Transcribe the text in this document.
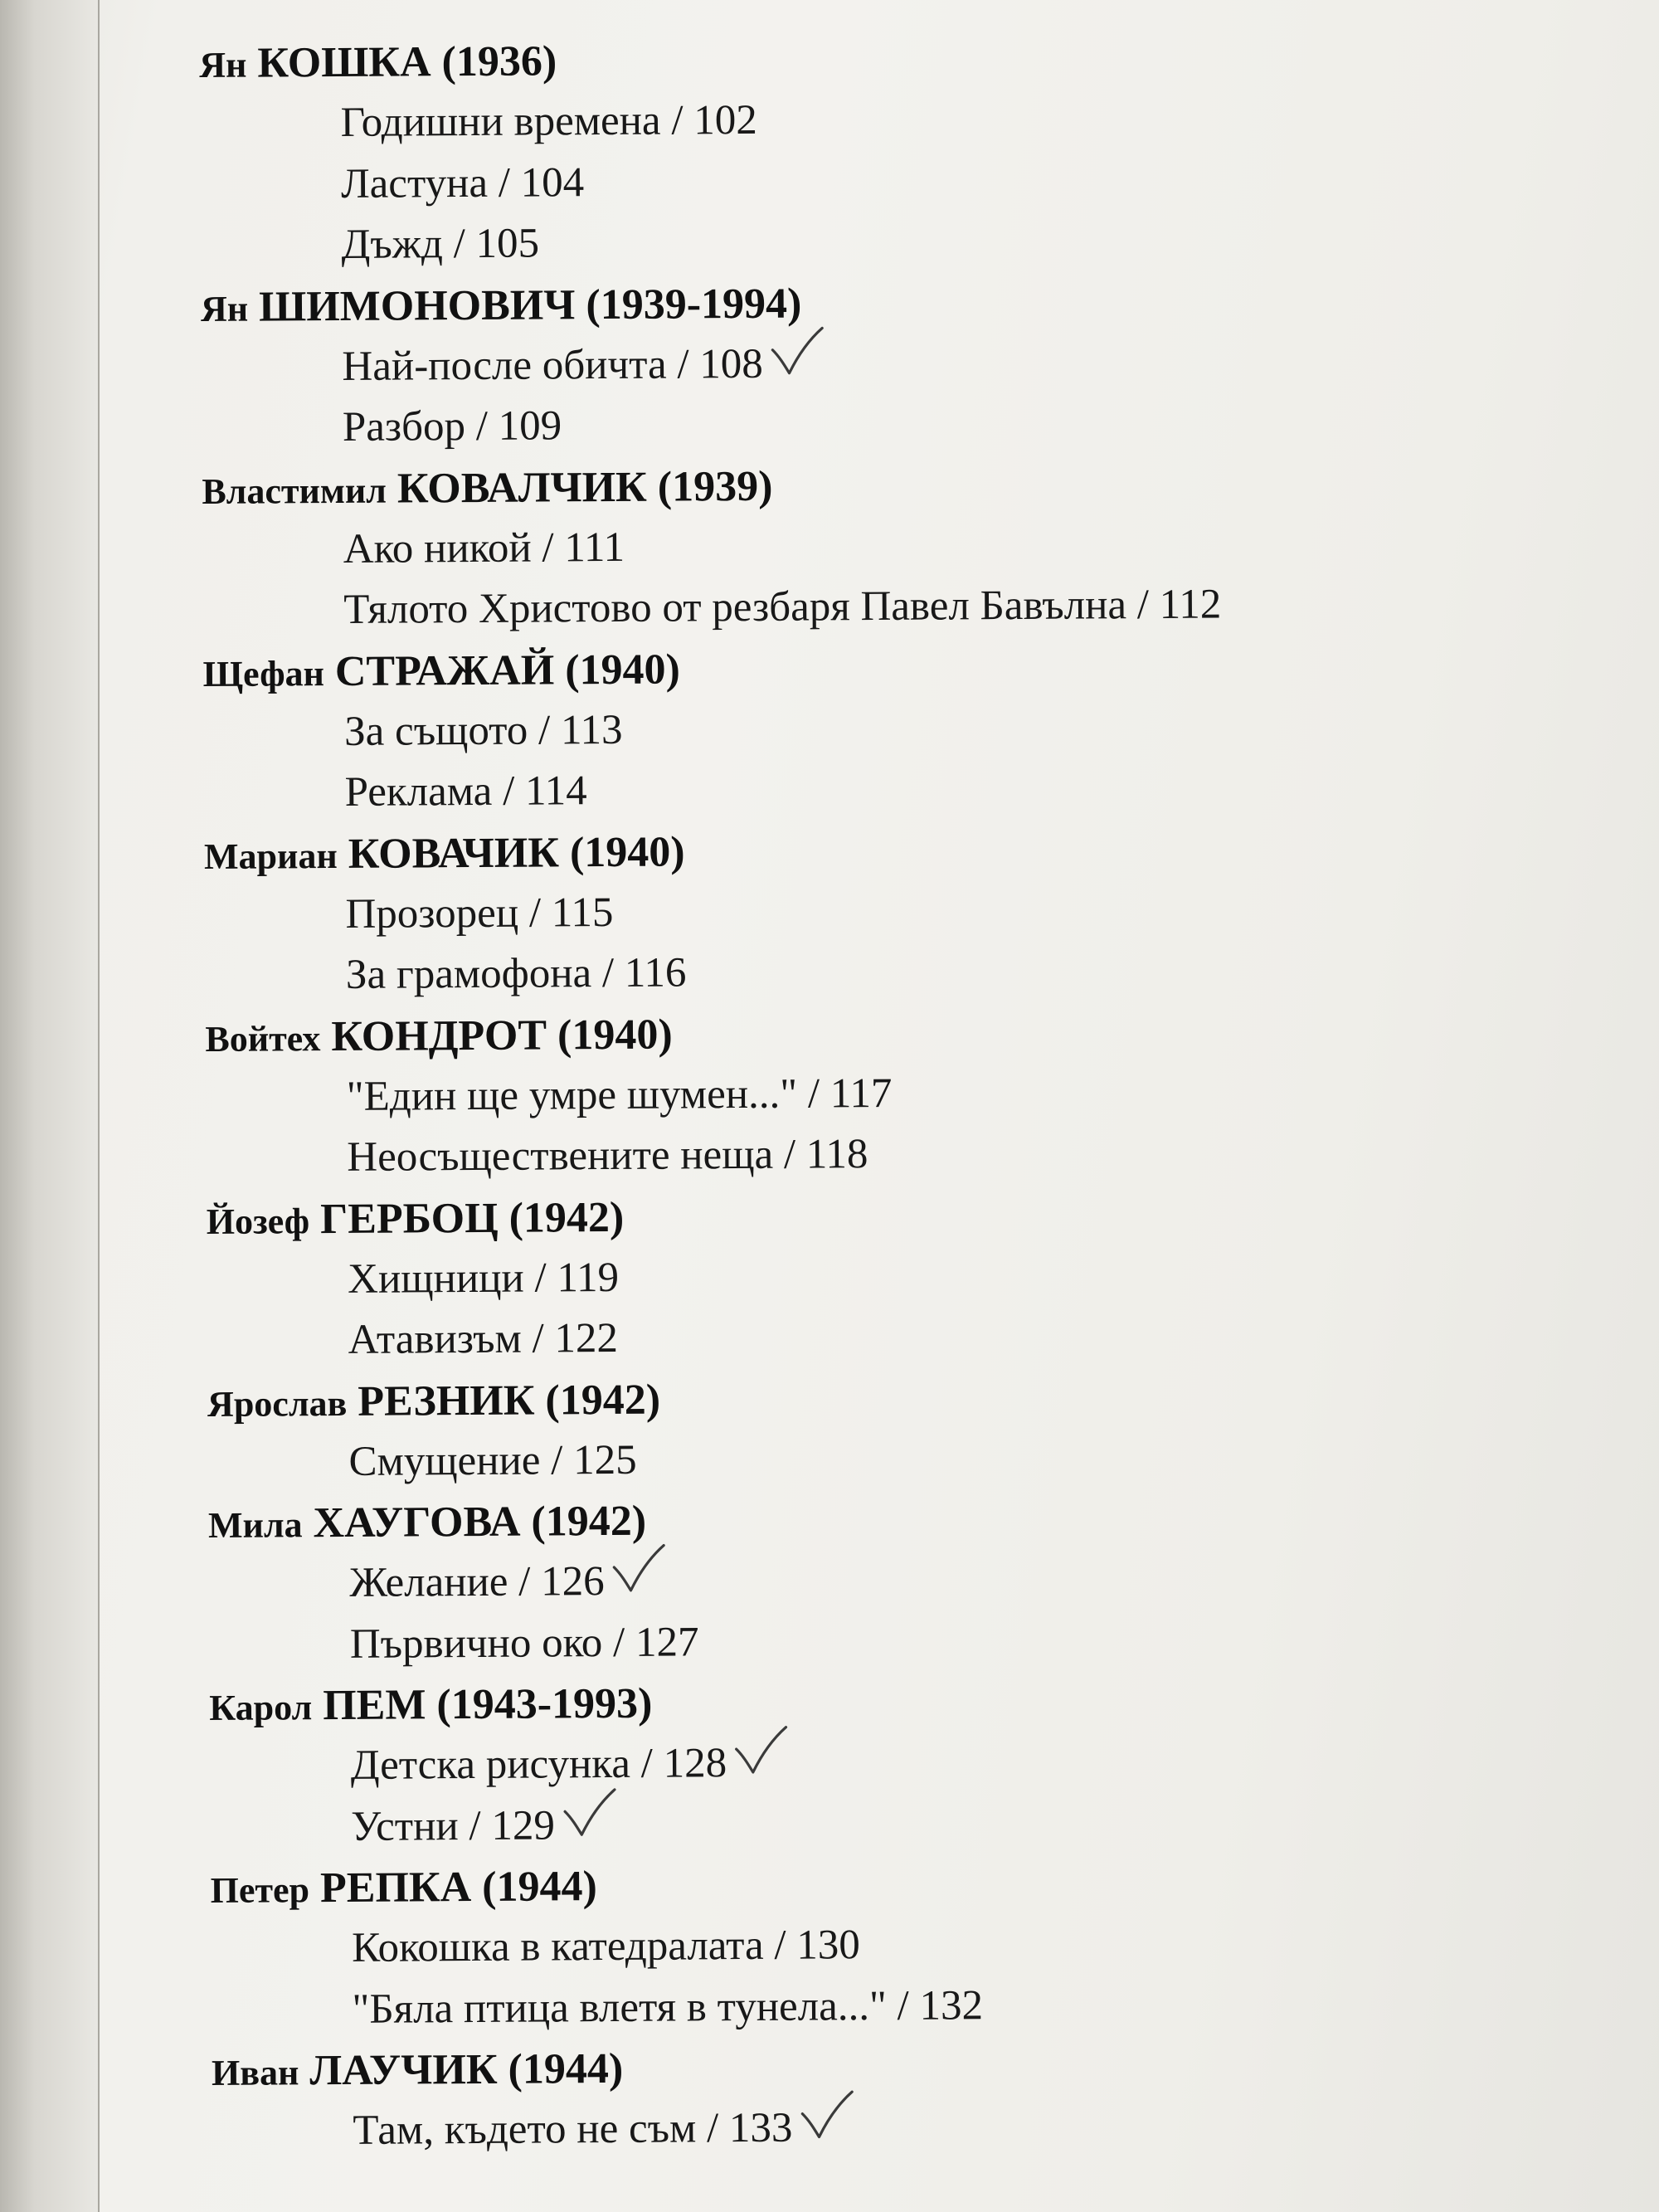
Ян КОШКА (1936)
Годишни времена / 102
Ластуна / 104
Дъжд / 105
Ян ШИМОНОВИЧ (1939-1994)
Най-после обичта / 108
Разбор / 109
Властимил КОВАЛЧИК (1939)
Ако никой / 111
Тялото Христово от резбаря Павел Бавълна / 112
Щефан СТРАЖАЙ (1940)
За същото / 113
Реклама / 114
Мариан КОВАЧИК (1940)
Прозорец / 115
За грамофона / 116
Войтех КОНДРОТ (1940)
"Един ще умре шумен..." / 117
Неосъществените неща / 118
Йозеф ГЕРБОЦ (1942)
Хищници / 119
Атавизъм / 122
Ярослав РЕЗНИК (1942)
Смущение / 125
Мила ХАУГОВА (1942)
Желание / 126
Първично око / 127
Карол ПЕМ (1943-1993)
Детска рисунка / 128
Устни / 129
Петер РЕПКА (1944)
Кокошка в катедралата / 130
"Бяла птица влетя в тунела..." / 132
Иван ЛАУЧИК (1944)
Там, където не съм / 133
